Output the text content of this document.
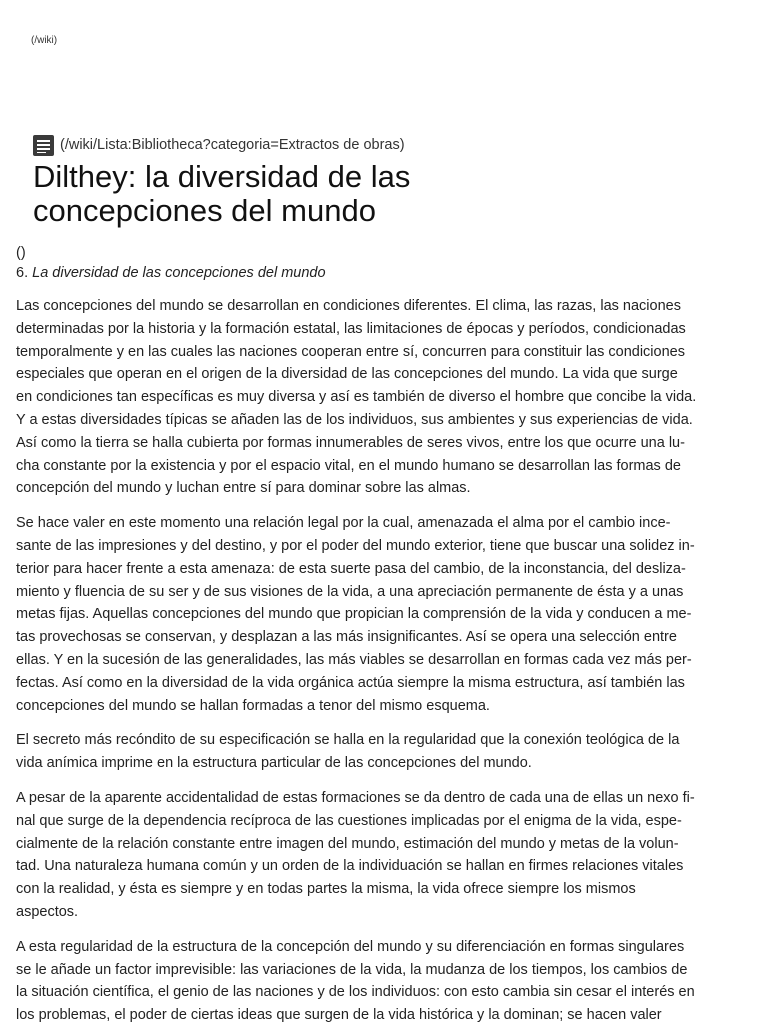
(/wiki)
(/wiki/Lista:Bibliotheca?categoria=Extractos de obras)
Dilthey: la diversidad de las
concepciones del mundo
()
6. La diversidad de las concepciones del mundo

Las concepciones del mundo se desarrollan en condiciones diferentes. El clima, las razas, las naciones
determinadas por la historia y la formación estatal, las limitaciones de épocas y períodos, condicionadas
temporalmente y en las cuales las naciones cooperan entre sí, concurren para constituir las condiciones
especiales que operan en el origen de la diversidad de las concepciones del mundo. La vida que surge
en condiciones tan específicas es muy diversa y así es también de diverso el hombre que concibe la vida.
Y a estas diversidades típicas se añaden las de los individuos, sus ambientes y sus experiencias de vida.
Así como la tierra se halla cubierta por formas innumerables de seres vivos, entre los que ocurre una lu-
cha constante por la existencia y por el espacio vital, en el mundo humano se desarrollan las formas de
concepción del mundo y luchan entre sí para dominar sobre las almas.

Se hace valer en este momento una relación legal por la cual, amenazada el alma por el cambio ince-
sante de las impresiones y del destino, y por el poder del mundo exterior, tiene que buscar una solidez in-
terior para hacer frente a esta amenaza: de esta suerte pasa del cambio, de la inconstancia, del desliza-
miento y fluencia de su ser y de sus visiones de la vida, a una apreciación permanente de ésta y a unas
metas fijas. Aquellas concepciones del mundo que propician la comprensión de la vida y conducen a me-
tas provechosas se conservan, y desplazan a las más insignificantes. Así se opera una selección entre
ellas. Y en la sucesión de las generalidades, las más viables se desarrollan en formas cada vez más per-
fectas. Así como en la diversidad de la vida orgánica actúa siempre la misma estructura, así también las
concepciones del mundo se hallan formadas a tenor del mismo esquema.

El secreto más recóndito de su especificación se halla en la regularidad que la conexión teológica de la
vida anímica imprime en la estructura particular de las concepciones del mundo.

A pesar de la aparente accidentalidad de estas formaciones se da dentro de cada una de ellas un nexo fi-
nal que surge de la dependencia recíproca de las cuestiones implicadas por el enigma de la vida, espe-
cialmente de la relación constante entre imagen del mundo, estimación del mundo y metas de la volun-
tad. Una naturaleza humana común y un orden de la individuación se hallan en firmes relaciones vitales
con la realidad, y ésta es siempre y en todas partes la misma, la vida ofrece siempre los mismos
aspectos.

A esta regularidad de la estructura de la concepción del mundo y su diferenciación en formas singulares
se le añade un factor imprevisible: las variaciones de la vida, la mudanza de los tiempos, los cambios de
la situación científica, el genio de las naciones y de los individuos: con esto cambia sin cesar el interés en
los problemas, el poder de ciertas ideas que surgen de la vida histórica y la dominan; se hacen valer
